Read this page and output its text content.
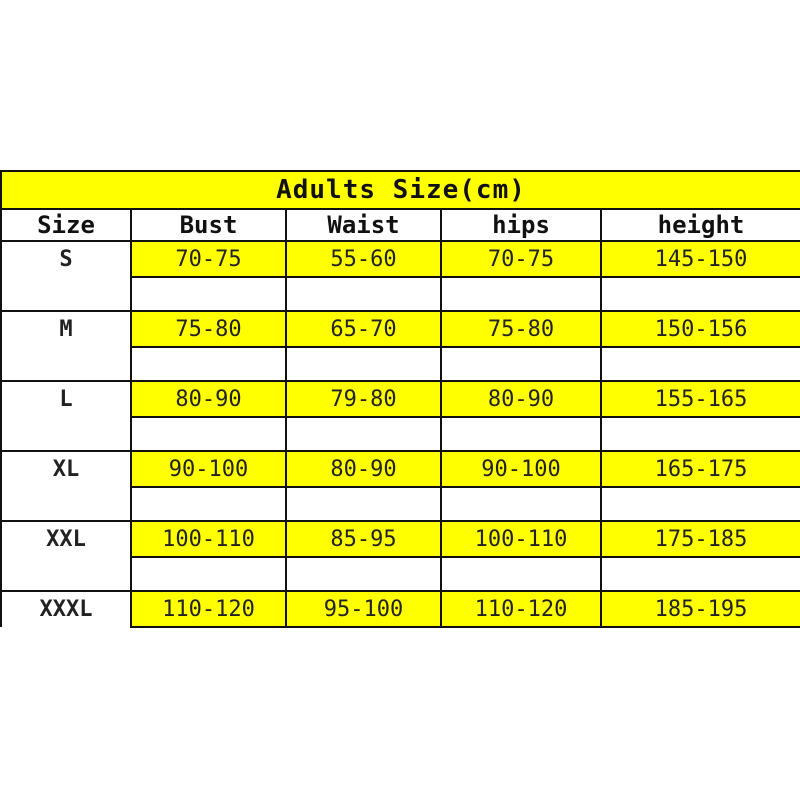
Adults Size(cm)				
Size	Bust	Waist	hips	height
S	70-75	55-60	70-75	145-150

M	75-80	65-70	75-80	150-156

L	80-90	79-80	80-90	155-165

XL	90-100	80-90	90-100	165-175

XXL	100-110	85-95	100-110	175-185

XXXL	110-120	95-100	110-120	185-195
